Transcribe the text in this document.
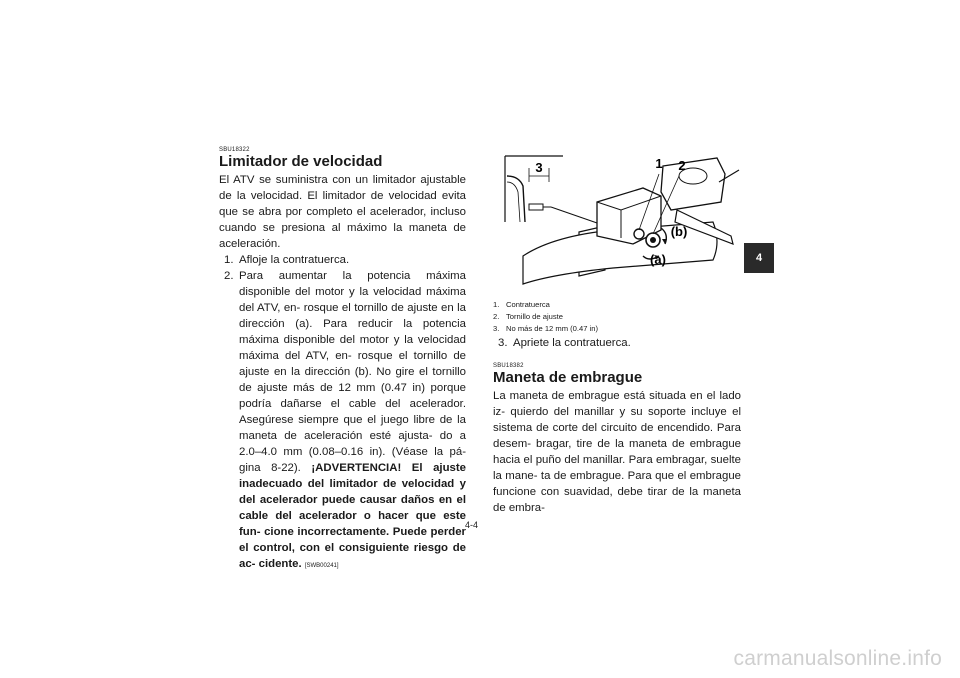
SBU18322
Limitador de velocidad

El ATV se suministra con un limitador ajustable de la velocidad. El limitador de velocidad evita que se abra por completo el acelerador, incluso cuando se presiona al máximo la maneta de aceleración.

1. Afloje la contratuerca.
2. Para aumentar la potencia máxima disponible del motor y la velocidad máxima del ATV, en- rosque el tornillo de ajuste en la dirección (a). Para reducir la potencia máxima disponible del motor y la velocidad máxima del ATV, en- rosque el tornillo de ajuste en la dirección (b). No gire el tornillo de ajuste más de 12 mm (0.47 in) porque podría dañarse el cable del acelerador. Asegúrese siempre que el juego libre de la maneta de aceleración esté ajusta- do a 2.0–4.0 mm (0.08–0.16 in). (Véase la pá- gina 8-22). ¡ADVERTENCIA! El ajuste inadecuado del limitador de velocidad y del acelerador puede causar daños en el cable del acelerador o hacer que este fun- cione incorrectamente. Puede perder el control, con el consiguiente riesgo de ac- cidente. [SWB00241]
3	1 2
(b)
(a)
1. Contratuerca
2. Tornillo de ajuste
3. No más de 12 mm (0.47 in)
3. Apriete la contratuerca.
SBU18382
Maneta de embrague

La maneta de embrague está situada en el lado iz- quierdo del manillar y su soporte incluye el sistema de corte del circuito de encendido. Para desem- bragar, tire de la maneta de embrague hacia el puño del manillar. Para embragar, suelte la mane- ta de embrague. Para que el embrague funcione con suavidad, debe tirar de la maneta de embra-

4
4-4
carmanualsonline.info
